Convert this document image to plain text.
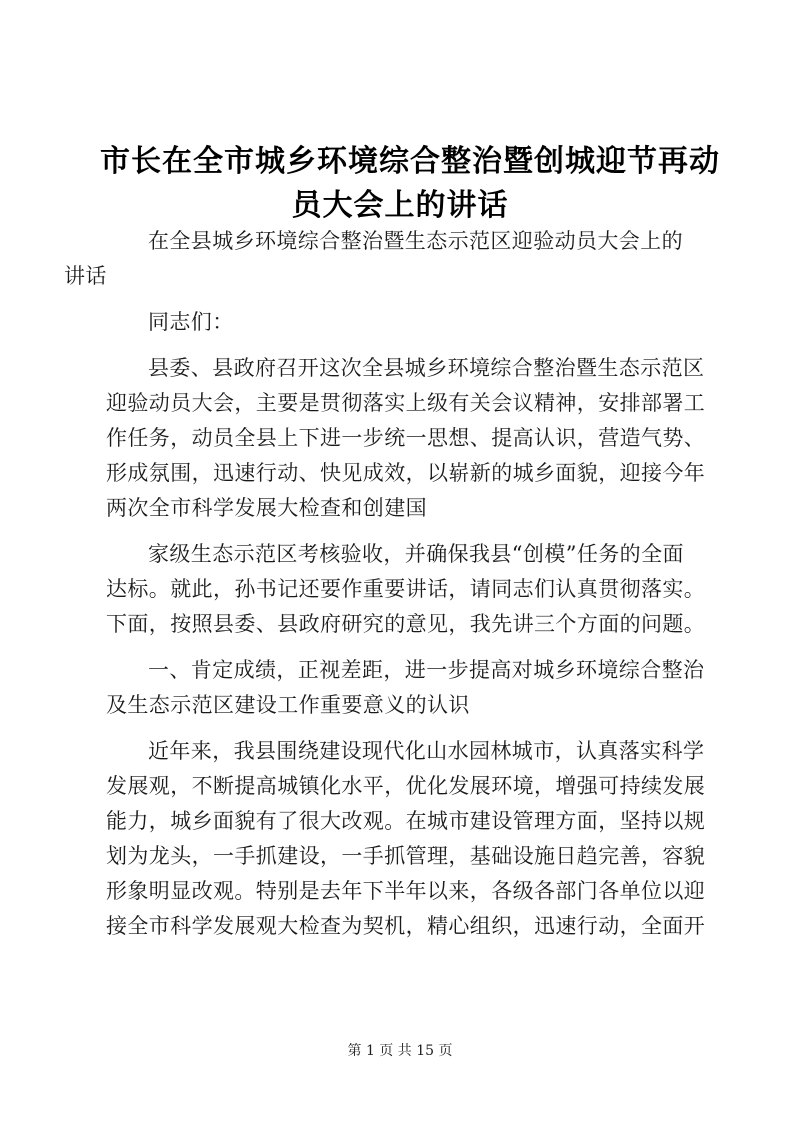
市长在全市城乡环境综合整治暨创城迎节再动
员大会上的讲话

在全县城乡环境综合整治暨生态示范区迎验动员大会上的
讲话

同志们：

县委、县政府召开这次全县城乡环境综合整治暨生态示范区
迎验动员大会，主要是贯彻落实上级有关会议精神，安排部署工
作任务，动员全县上下进一步统一思想、提高认识，营造气势、
形成氛围，迅速行动、快见成效，以崭新的城乡面貌，迎接今年
两次全市科学发展大检查和创建国

家级生态示范区考核验收，并确保我县“创模”任务的全面
达标。就此，孙书记还要作重要讲话，请同志们认真贯彻落实。
下面，按照县委、县政府研究的意见，我先讲三个方面的问题。

一、肯定成绩，正视差距，进一步提高对城乡环境综合整治
及生态示范区建设工作重要意义的认识

近年来，我县围绕建设现代化山水园林城市，认真落实科学
发展观，不断提高城镇化水平，优化发展环境，增强可持续发展
能力，城乡面貌有了很大改观。在城市建设管理方面，坚持以规
划为龙头，一手抓建设，一手抓管理，基础设施日趋完善，容貌
形象明显改观。特别是去年下半年以来，各级各部门各单位以迎
接全市科学发展观大检查为契机，精心组织，迅速行动，全面开

第 1 页 共 15 页
